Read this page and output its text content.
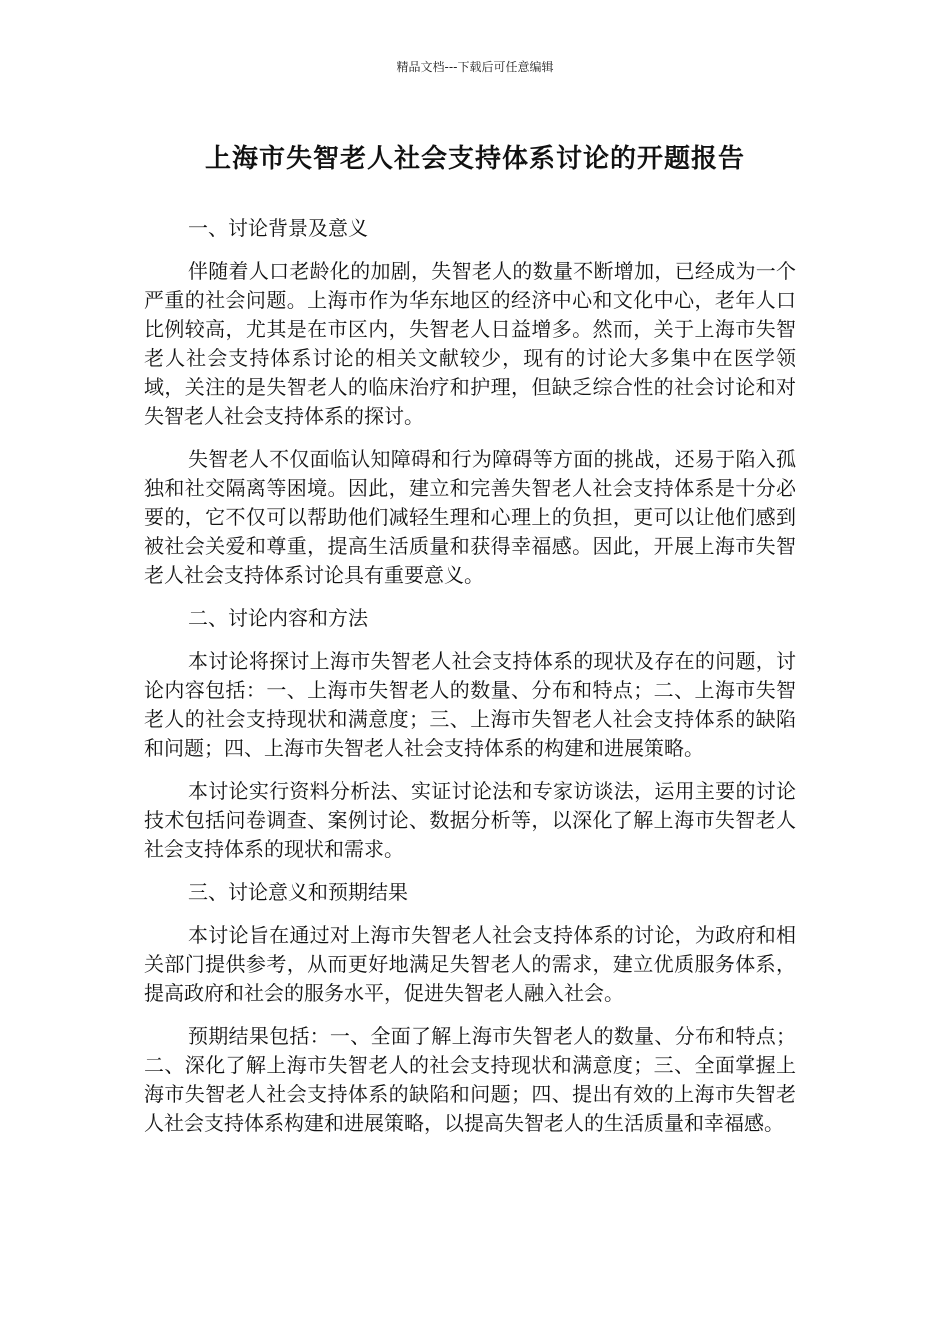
精品文档---下载后可任意编辑
上海市失智老人社会支持体系讨论的开题报告

一、讨论背景及意义

伴随着人口老龄化的加剧，失智老人的数量不断增加，已经成为一个严重的社会问题。上海市作为华东地区的经济中心和文化中心，老年人口比例较高，尤其是在市区内，失智老人日益增多。然而，关于上海市失智老人社会支持体系讨论的相关文献较少，现有的讨论大多集中在医学领域，关注的是失智老人的临床治疗和护理，但缺乏综合性的社会讨论和对失智老人社会支持体系的探讨。

失智老人不仅面临认知障碍和行为障碍等方面的挑战，还易于陷入孤独和社交隔离等困境。因此，建立和完善失智老人社会支持体系是十分必要的，它不仅可以帮助他们减轻生理和心理上的负担，更可以让他们感到被社会关爱和尊重，提高生活质量和获得幸福感。因此，开展上海市失智老人社会支持体系讨论具有重要意义。

二、讨论内容和方法

本讨论将探讨上海市失智老人社会支持体系的现状及存在的问题，讨论内容包括：一、上海市失智老人的数量、分布和特点；二、上海市失智老人的社会支持现状和满意度；三、上海市失智老人社会支持体系的缺陷和问题；四、上海市失智老人社会支持体系的构建和进展策略。

本讨论实行资料分析法、实证讨论法和专家访谈法，运用主要的讨论技术包括问卷调查、案例讨论、数据分析等，以深化了解上海市失智老人社会支持体系的现状和需求。

三、讨论意义和预期结果

本讨论旨在通过对上海市失智老人社会支持体系的讨论，为政府和相关部门提供参考，从而更好地满足失智老人的需求，建立优质服务体系，提高政府和社会的服务水平，促进失智老人融入社会。

预期结果包括：一、全面了解上海市失智老人的数量、分布和特点；二、深化了解上海市失智老人的社会支持现状和满意度；三、全面掌握上海市失智老人社会支持体系的缺陷和问题；四、提出有效的上海市失智老人社会支持体系构建和进展策略，以提高失智老人的生活质量和幸福感。
